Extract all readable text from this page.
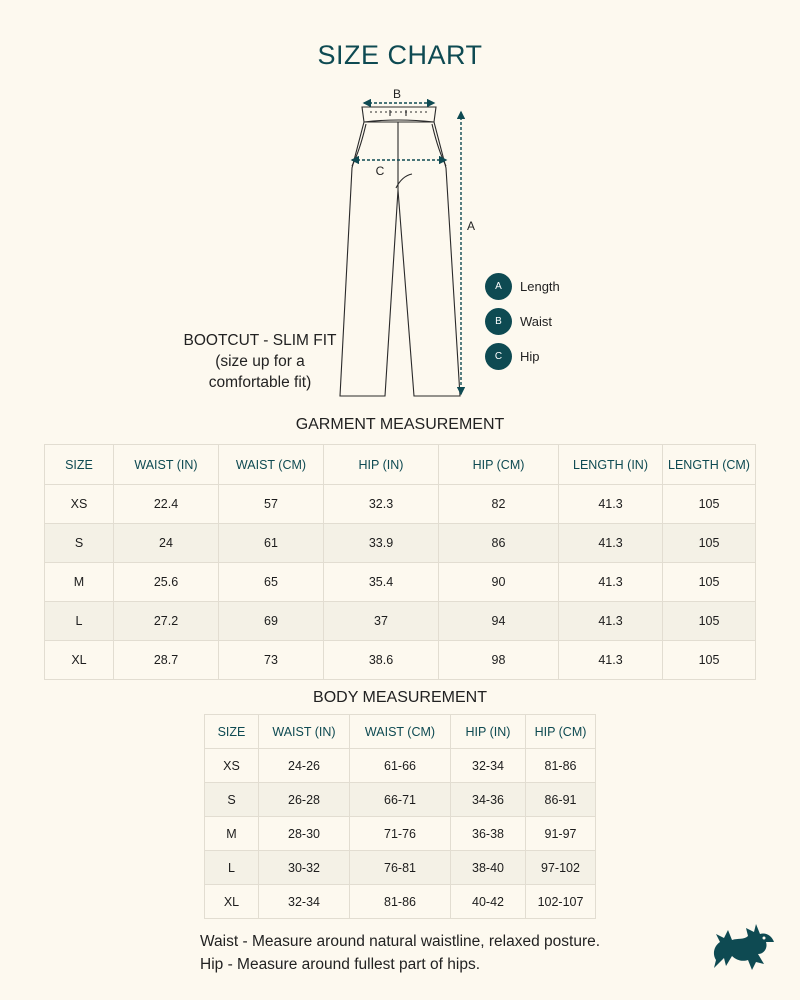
SIZE CHART
B
C
A
BOOTCUT - SLIM FIT
(size up for a
comfortable fit)
A	Length
B	Waist
C	Hip
GARMENT MEASUREMENT
SIZE	WAIST (IN)	WAIST (CM)	HIP (IN)	HIP (CM)	LENGTH (IN)	LENGTH (CM)
XS	22.4	57	32.3	82	41.3	105
S	24	61	33.9	86	41.3	105
M	25.6	65	35.4	90	41.3	105
L	27.2	69	37	94	41.3	105
XL	28.7	73	38.6	98	41.3	105
BODY MEASUREMENT
SIZE	WAIST (IN)	WAIST (CM)	HIP (IN)	HIP (CM)
XS	24-26	61-66	32-34	81-86
S	26-28	66-71	34-36	86-91
M	28-30	71-76	36-38	91-97
L	30-32	76-81	38-40	97-102
XL	32-34	81-86	40-42	102-107
Waist - Measure around natural waistline, relaxed posture.
Hip - Measure around fullest part of hips.
